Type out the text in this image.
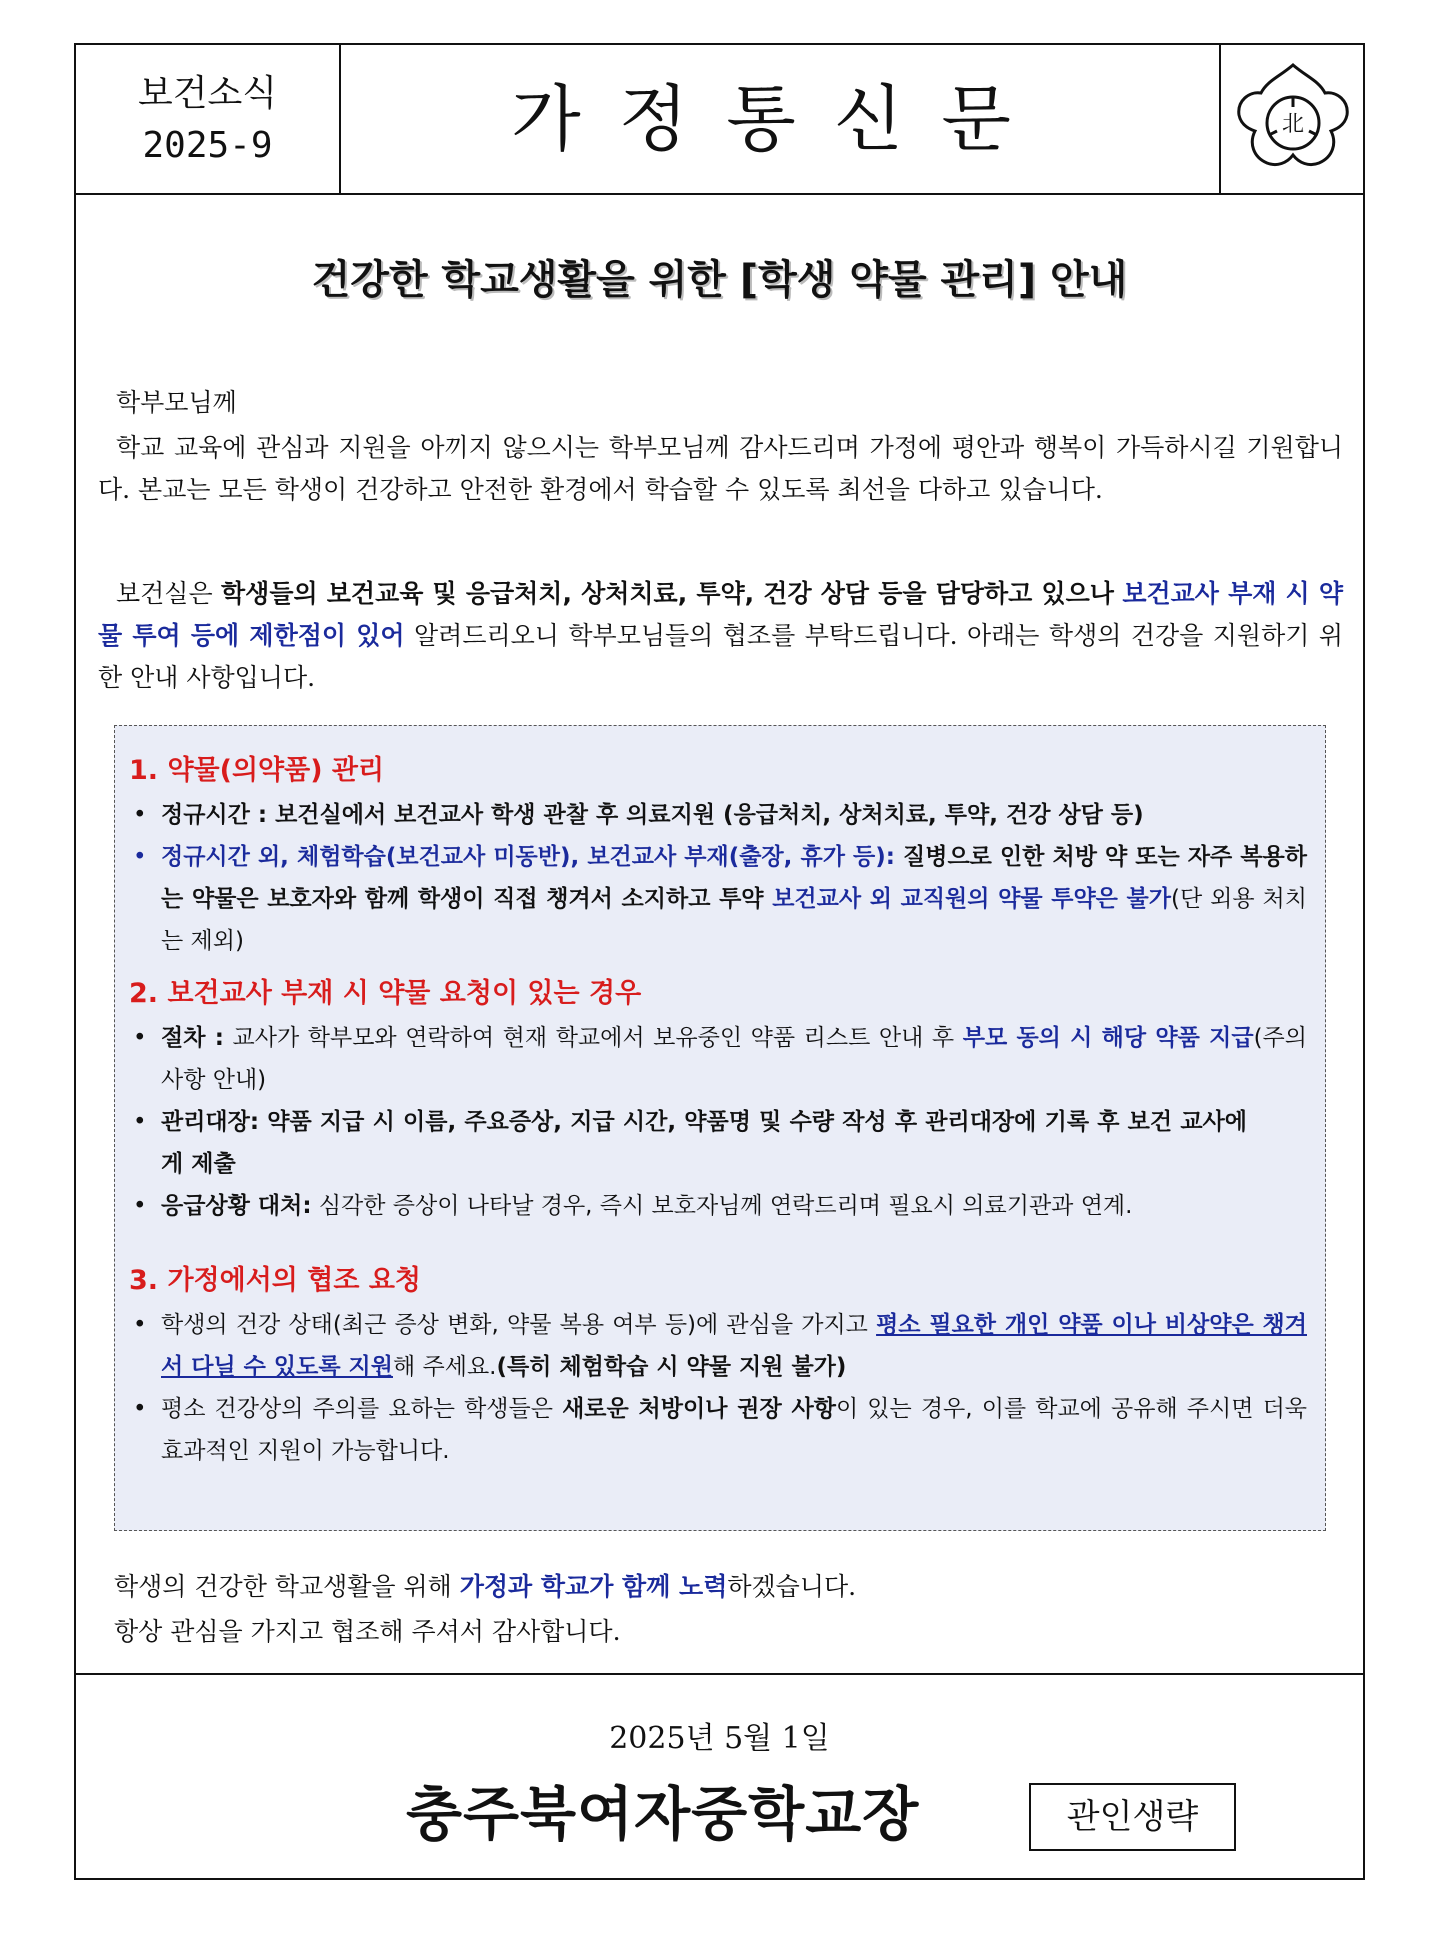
보건소식
2025-9	가정통신문	北
건강한 학교생활을 위한 [학생 약물 관리] 안내
학부모님께
학교 교육에 관심과 지원을 아끼지 않으시는 학부모님께 감사드리며 가정에 평안과 행복이 가득하시길 기원합니다. 본교는 모든 학생이 건강하고 안전한 환경에서 학습할 수 있도록 최선을 다하고 있습니다.
보건실은 학생들의 보건교육 및 응급처치, 상처치료, 투약, 건강 상담 등을 담당하고 있으나 보건교사 부재 시 약물 투여 등에 제한점이 있어 알려드리오니 학부모님들의 협조를 부탁드립니다. 아래는 학생의 건강을 지원하기 위한 안내 사항입니다.
1. 약물(의약품) 관리
• 정규시간 : 보건실에서 보건교사 학생 관찰 후 의료지원 (응급처치, 상처치료, 투약, 건강 상담 등)
• 정규시간 외, 체험학습(보건교사 미동반), 보건교사 부재(출장, 휴가 등): 질병으로 인한 처방 약 또는 자주 복용하는 약물은 보호자와 함께 학생이 직접 챙겨서 소지하고 투약 보건교사 외 교직원의 약물 투약은 불가(단 외용 처치는 제외)
2. 보건교사 부재 시 약물 요청이 있는 경우
• 절차 : 교사가 학부모와 연락하여 현재 학교에서 보유중인 약품 리스트 안내 후 부모 동의 시 해당 약품 지급(주의사항 안내)
• 관리대장: 약품 지급 시 이름, 주요증상, 지급 시간, 약품명 및 수량 작성 후 관리대장에 기록 후 보건 교사에게 제출
• 응급상황 대처: 심각한 증상이 나타날 경우, 즉시 보호자님께 연락드리며 필요시 의료기관과 연계.
3. 가정에서의 협조 요청
• 학생의 건강 상태(최근 증상 변화, 약물 복용 여부 등)에 관심을 가지고 평소 필요한 개인 약품 이나 비상약은 챙겨서 다닐 수 있도록 지원해 주세요.(특히 체험학습 시 약물 지원 불가)
• 평소 건강상의 주의를 요하는 학생들은 새로운 처방이나 권장 사항이 있는 경우, 이를 학교에 공유해 주시면 더욱 효과적인 지원이 가능합니다.
학생의 건강한 학교생활을 위해 가정과 학교가 함께 노력하겠습니다.
항상 관심을 가지고 협조해 주셔서 감사합니다.
2025년 5월 1일
충주북여자중학교장	관인생략
